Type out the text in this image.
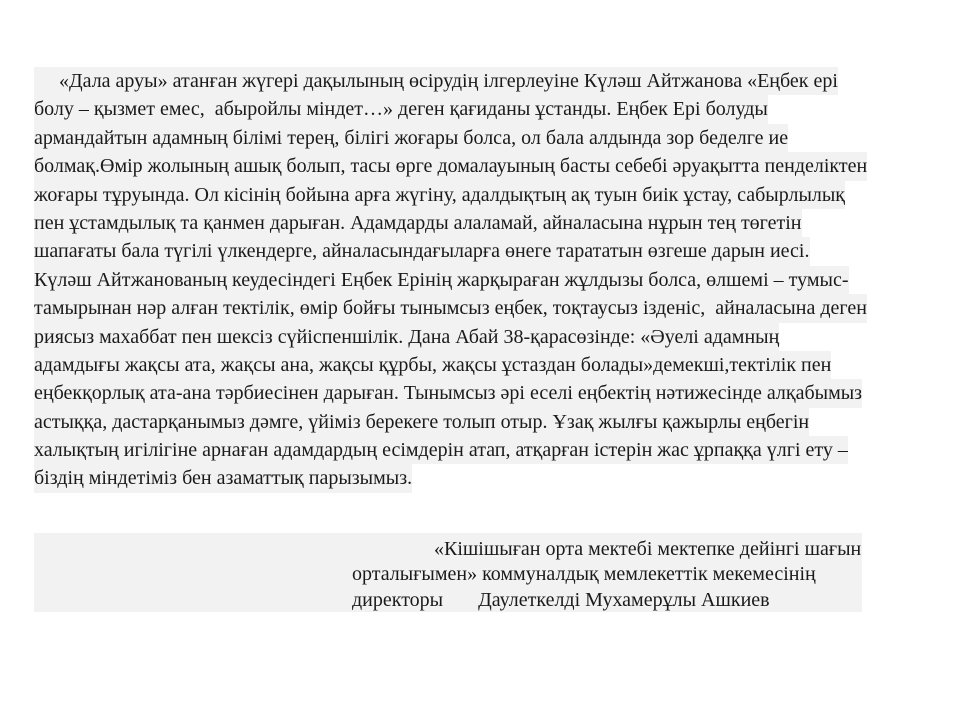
«Дала аруы» атанған жүгері дақылының өсірудің ілгерлеуіне Күләш Айтжанова «Еңбек ері
болу – қызмет емес,  абыройлы міндет…» деген қағиданы ұстанды. Еңбек Ері болуды
армандайтын адамның білімі терең, білігі жоғары болса, ол бала алдында зор беделге ие
болмақ.Өмір жолының ашық болып, тасы өрге домалауының басты себебі әруақытта пенделіктен
жоғары тұруында. Ол кісінің бойына арға жүгіну, адалдықтың ақ туын биік ұстау, сабырлылық
пен ұстамдылық та қанмен дарыған. Адамдарды алаламай, айналасына нұрын тең төгетін
шапағаты бала түгілі үлкендерге, айналасындағыларға өнеге тарататын өзгеше дарын иесі.
Күләш Айтжанованың кеудесіндегі Еңбек Ерінің жарқыраған жұлдызы болса, өлшемі – тумыс-
тамырынан нәр алған тектілік, өмір бойғы тынымсыз еңбек, тоқтаусыз ізденіс,  айналасына деген
риясыз махаббат пен шексіз сүйіспеншілік. Дана Абай 38-қарасөзінде: «Әуелі адамның
адамдығы жақсы ата, жақсы ана, жақсы құрбы, жақсы ұстаздан болады»демекші,тектілік пен
еңбекқорлық ата-ана тәрбиесінен дарыған. Тынымсыз әрі еселі еңбектің нәтижесінде алқабымыз
астыққа, дастарқанымыз дәмге, үйіміз берекеге толып отыр. Ұзақ жылғы қажырлы еңбегін
халықтың игілігіне арнаған адамдардың есімдерін атап, атқарған істерін жас ұрпаққа үлгі ету –
біздің міндетіміз бен азаматтық парызымыз.
«Кішішыған орта мектебі мектепке дейінгі шағын
орталығымен» коммуналдық мемлекеттік мекемесінің
директоры       Даулеткелді Мухамерұлы Ашкиев
